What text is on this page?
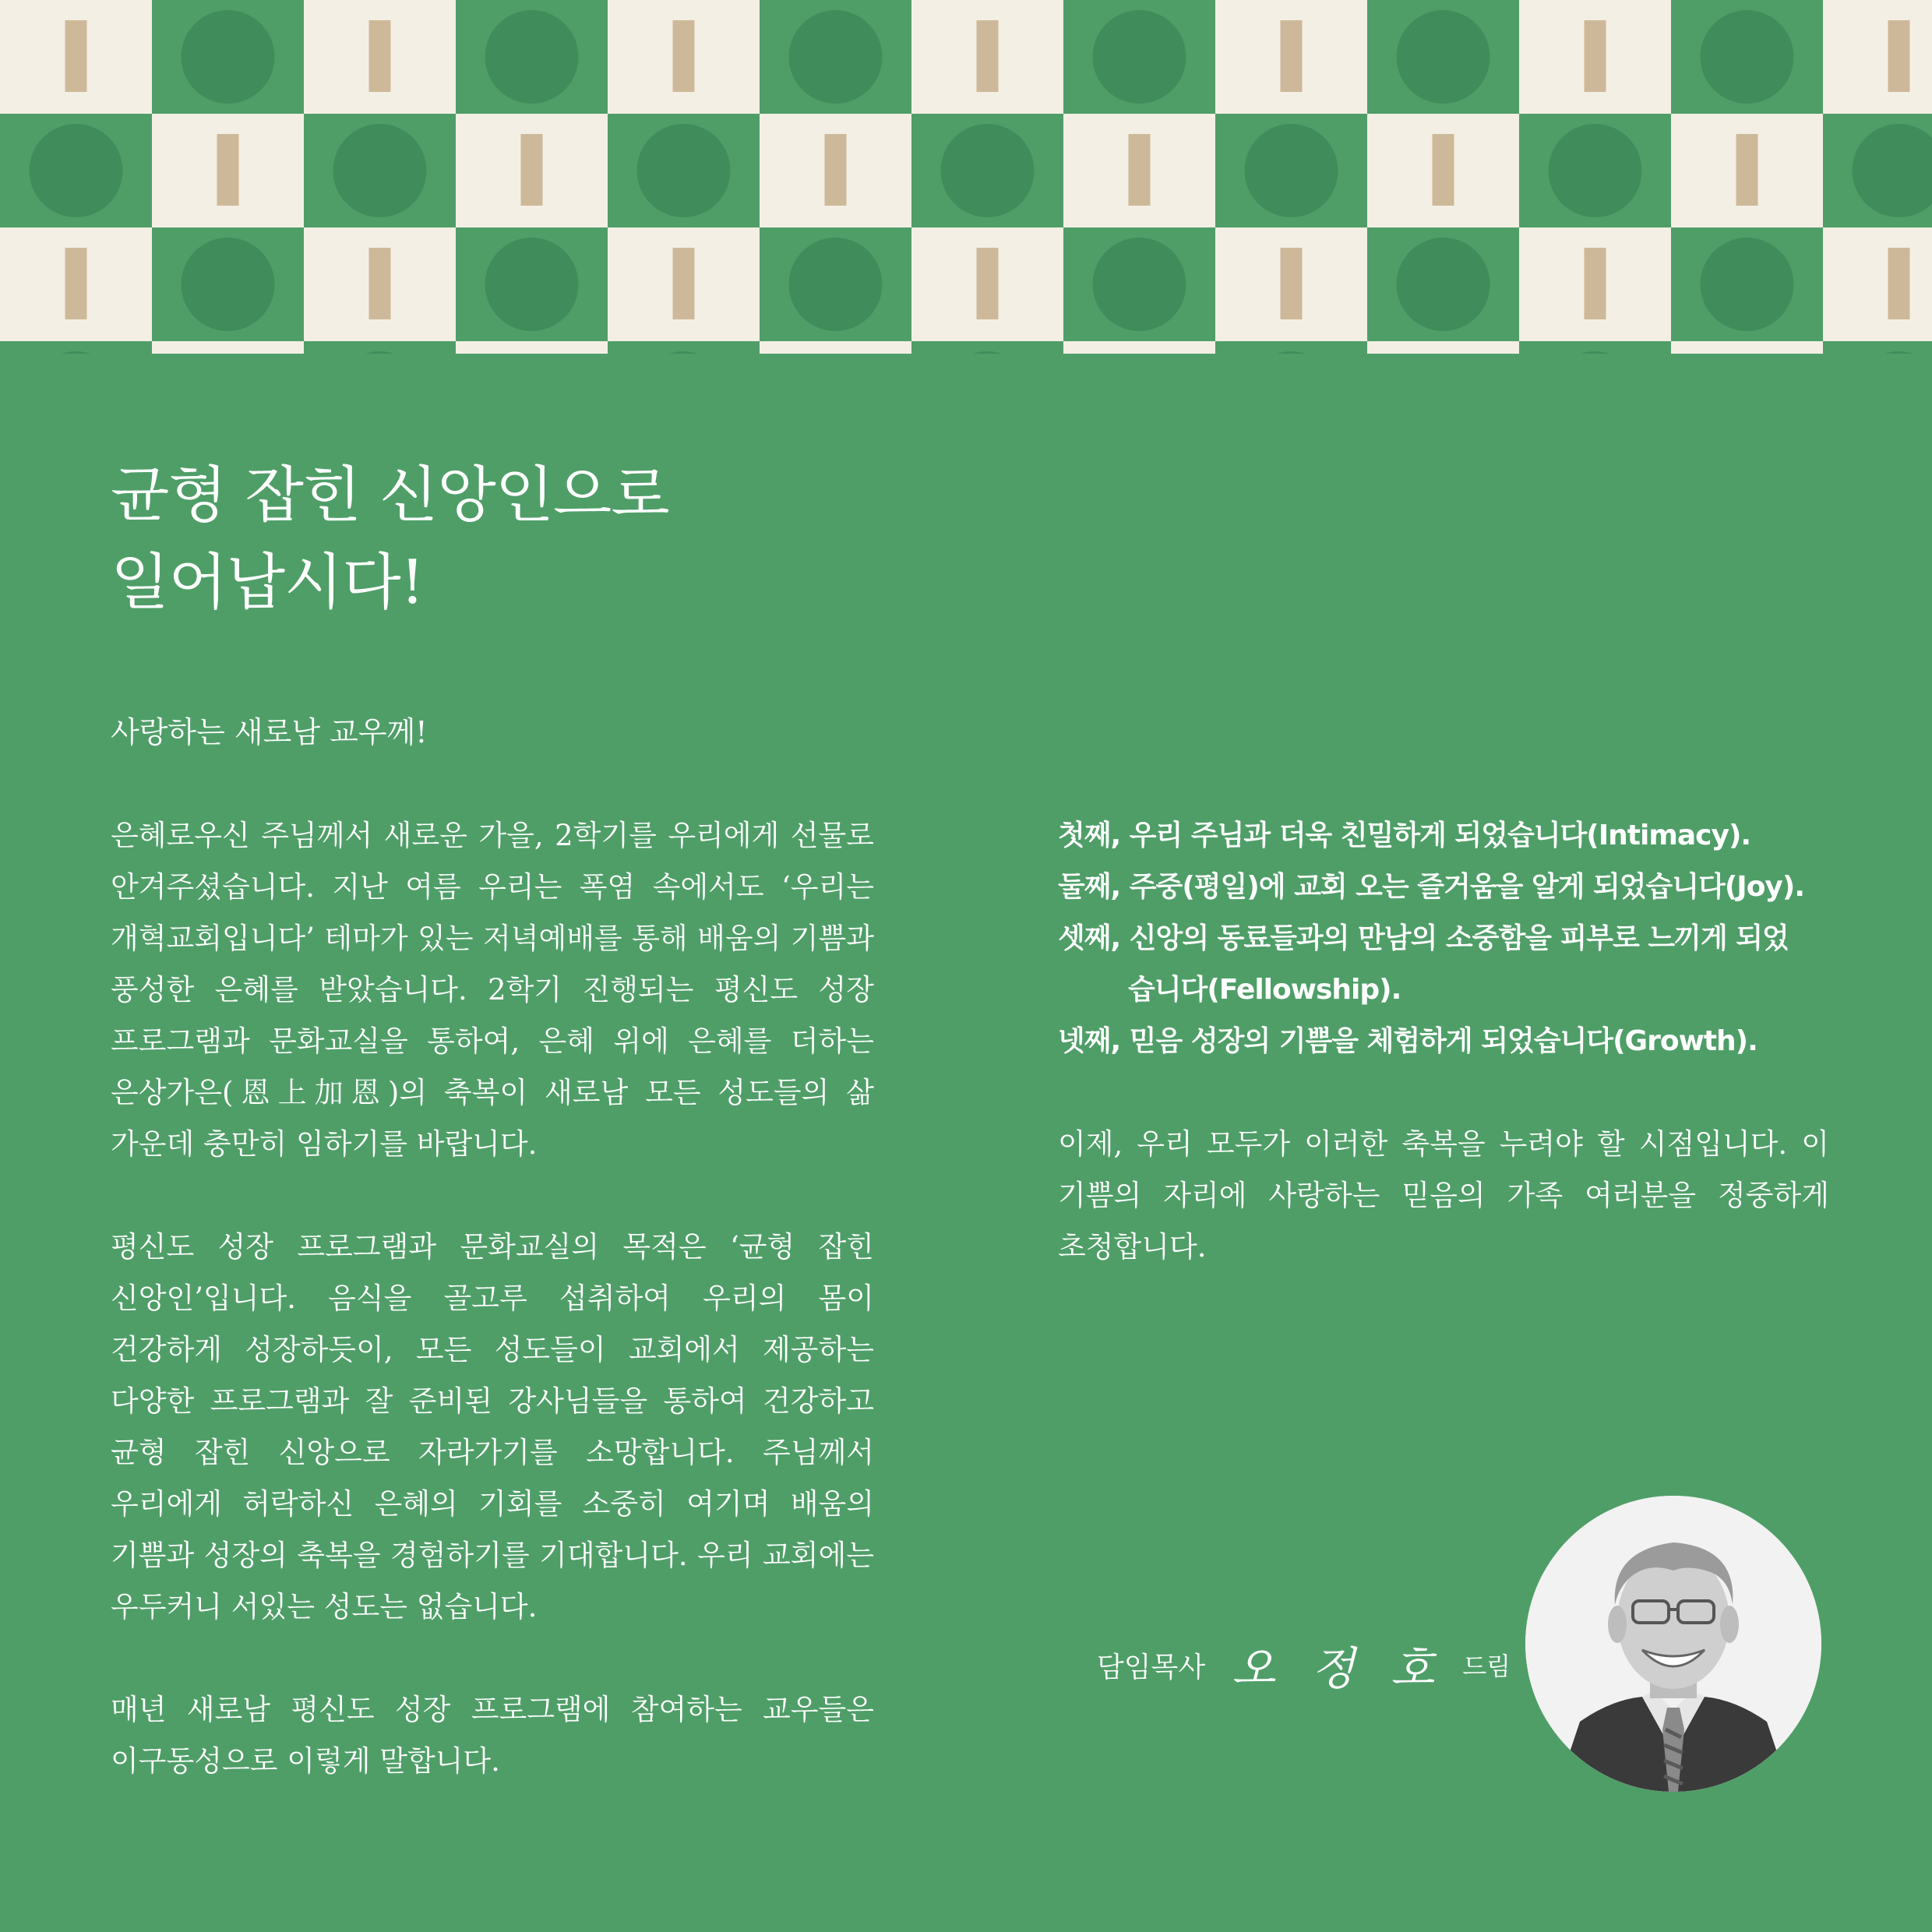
균형 잡힌 신앙인으로
일어납시다!
사랑하는 새로남 교우께!

은혜로우신 주님께서 새로운 가을, 2학기를 우리에게 선물로 안겨주셨습니다. 지난 여름 우리는 폭염 속에서도 ‘우리는 개혁교회입니다’ 테마가 있는 저녁예배를 통해 배움의 기쁨과 풍성한 은혜를 받았습니다. 2학기 진행되는 평신도 성장 프로그램과 문화교실을 통하여, 은혜 위에 은혜를 더하는 은상가은(恩上加恩)의 축복이 새로남 모든 성도들의 삶 가운데 충만히 임하기를 바랍니다.

평신도 성장 프로그램과 문화교실의 목적은 ‘균형 잡힌 신앙인’입니다. 음식을 골고루 섭취하여 우리의 몸이 건강하게 성장하듯이, 모든 성도들이 교회에서 제공하는 다양한 프로그램과 잘 준비된 강사님들을 통하여 건강하고 균형 잡힌 신앙으로 자라가기를 소망합니다. 주님께서 우리에게 허락하신 은혜의 기회를 소중히 여기며 배움의 기쁨과 성장의 축복을 경험하기를 기대합니다. 우리 교회에는 우두커니 서있는 성도는 없습니다.

매년 새로남 평신도 성장 프로그램에 참여하는 교우들은 이구동성으로 이렇게 말합니다.

첫째, 우리 주님과 더욱 친밀하게 되었습니다(Intimacy).
둘째, 주중(평일)에 교회 오는 즐거움을 알게 되었습니다(Joy).
셋째, 신앙의 동료들과의 만남의 소중함을 피부로 느끼게 되었습니다(Fellowship).
넷째, 믿음 성장의 기쁨을 체험하게 되었습니다(Growth).

이제, 우리 모두가 이러한 축복을 누려야 할 시점입니다. 이 기쁨의 자리에 사랑하는 믿음의 가족 여러분을 정중하게 초청합니다.

담임목사 오정호
드림
